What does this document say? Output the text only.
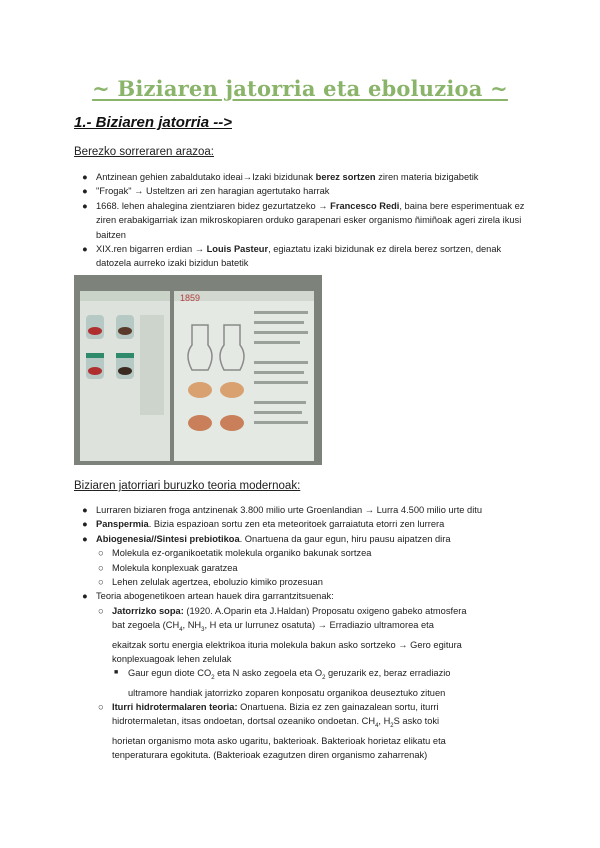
~ Biziaren jatorria eta eboluzioa ~
1.- Biziaren jatorria -->
Berezko sorreraren arazoa:
● Antzinean gehien zabaldutako ideai→Izaki bizidunak berez sortzen ziren materia bizigabetik
● "Frogak" → Usteltzen ari zen haragian agertutako harrak
● 1668. lehen ahalegina zientziaren bidez gezurtatzeko → Francesco Redi, baina bere esperimentuak ez ziren erabakigarriak izan mikroskopiaren orduko garapenari esker organismo ñimiñoak ageri zirela ikusi baitzen
● XIX.ren bigarren erdian → Louis Pasteur, egiaztatu izaki bizidunak ez direla berez sortzen, denak datozela aurreko izaki bizidun batetik
1859
Biziaren jatorriari buruzko teoria modernoak:
● Lurraren biziaren froga antzinenak 3.800 milio urte Groenlandian → Lurra 4.500 milio urte ditu
● Panspermia. Bizia espazioan sortu zen eta meteoritoek garraiatuta etorri zen lurrera
● Abiogenesia//Sintesi prebiotikoa. Onartuena da gaur egun, hiru pausu aipatzen dira
○ Molekula ez-organikoetatik molekula organiko bakunak sortzea
○ Molekula konplexuak garatzea
○ Lehen zelulak agertzea, eboluzio kimiko prozesuan
● Teoria abogenetikoen artean hauek dira garrantzitsuenak:
○ Jatorrizko sopa: (1920. A.Oparin eta J.Haldan) Proposatu oxigeno gabeko atmosfera
bat zegoela ($CH_4$, $NH_3$, H eta ur lurrunez osatuta) → Erradiazio ultramorea eta
ekaitzak sortu energia elektrikoa ituria molekula bakun asko sortzeko → Gero egitura
konplexuagoak lehen zelulak
■ Gaur egun diote $CO_2$ eta N asko zegoela eta $O_2$ geruzarik ez, beraz erradiazio
ultramore handiak jatorrizko zoparen konposatu organikoa deuseztuko zituen
○ Iturri hidrotermalaren teoria: Onartuena. Bizia ez zen gainazalean sortu, iturri
hidrotermaletan, itsas ondoetan, dortsal ozeaniko ondoetan. $CH_4$, $H_2S$ asko toki
horietan organismo mota asko ugaritu, bakterioak. Bakterioak horietaz elikatu eta
tenperaturara egokituta. (Bakterioak ezagutzen diren organismo zaharrenak)
